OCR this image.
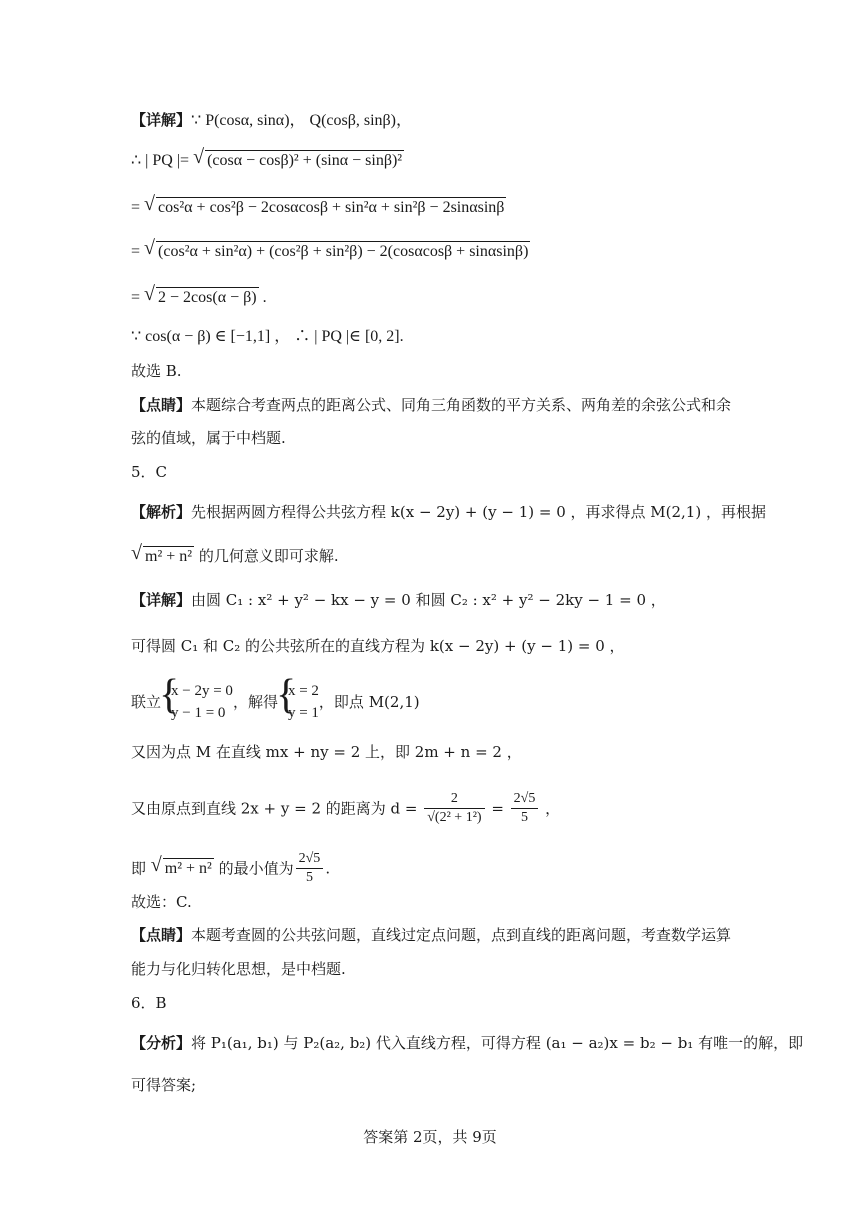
【详解】∵ P(cosα, sinα)， Q(cosβ, sinβ)，
∴ | PQ |= √ (cosα − cosβ)² + (sinα − sinβ)²
= √ cos²α + cos²β − 2cosαcosβ + sin²α + sin²β − 2sinαsinβ
= √ (cos²α + sin²α) + (cos²β + sin²β) − 2(cosαcosβ + sinαsinβ)
= √ 2 − 2cos(α − β) .
∵ cos(α − β) ∈ [−1,1] ， ∴ | PQ |∈ [0, 2].
故选 B.
【点睛】本题综合考查两点的距离公式、同角三角函数的平方关系、两角差的余弦公式和余
弦的值域，属于中档题.
5．C
【解析】先根据两圆方程得公共弦方程 k(x − 2y) + (y − 1) = 0 ，再求得点 M(2,1) ，再根据
√ m² + n² 的几何意义即可求解.
【详解】由圆 C₁ : x² + y² − kx − y = 0 和圆 C₂ : x² + y² − 2ky − 1 = 0 ，
可得圆 C₁ 和 C₂ 的公共弦所在的直线方程为 k(x − 2y) + (y − 1) = 0 ，
联立
{ x − 2y = 0
y − 1 = 0
，解得
{ x = 2
y = 1
，即点 M(2,1)
又因为点 M 在直线 mx + ny = 2 上，即 2m + n = 2 ，
又由原点到直线 2x + y = 2 的距离为 $d = \frac{2}{\text{√(2² + 1²)}} = \frac{2√5}{5}$ ，
即 √ m² + n² 的最小值为 $\frac{2√5}{5}$ .
故选：C.
【点睛】本题考查圆的公共弦问题，直线过定点问题，点到直线的距离问题，考查数学运算
能力与化归转化思想，是中档题.
6．B
【分析】将 P₁(a₁, b₁) 与 P₂(a₂, b₂) 代入直线方程，可得方程 (a₁ − a₂)x = b₂ − b₁ 有唯一的解，即
可得答案;
答案第 2页，共 9页
